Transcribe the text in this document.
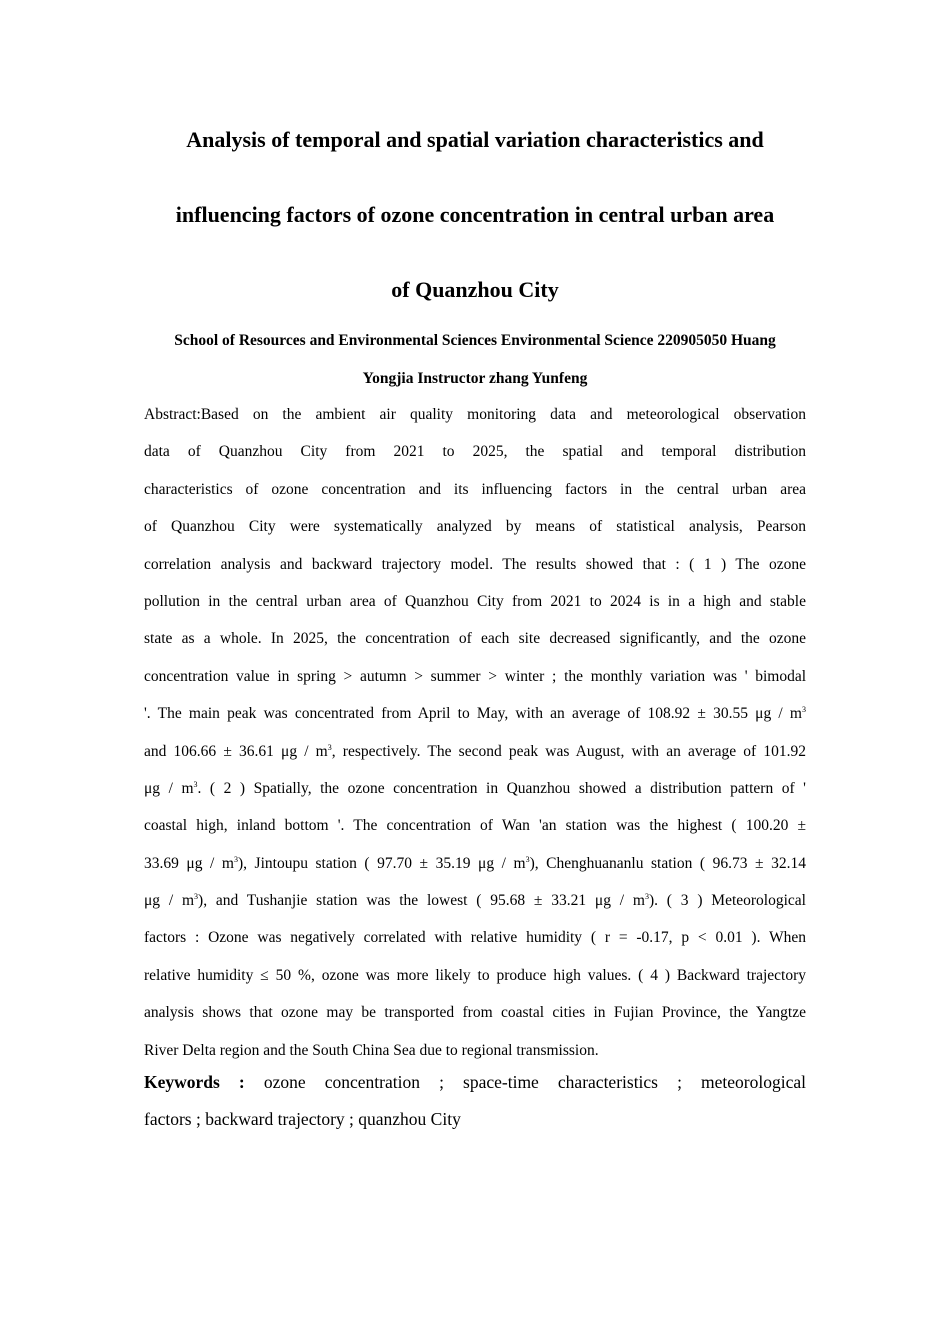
Analysis of temporal and spatial variation characteristics and
influencing factors of ozone concentration in central urban area
of Quanzhou City
School of Resources and Environmental Sciences Environmental Science 220905050 Huang
Yongjia Instructor zhang Yunfeng
Abstract:Based on the ambient air quality monitoring data and meteorological observation
data of Quanzhou City from 2021 to 2025, the spatial and temporal distribution
characteristics of ozone concentration and its influencing factors in the central urban area
of Quanzhou City were systematically analyzed by means of statistical analysis, Pearson
correlation analysis and backward trajectory model. The results showed that : ( 1 ) The ozone
pollution in the central urban area of Quanzhou City from 2021 to 2024 is in a high and stable
state as a whole. In 2025, the concentration of each site decreased significantly, and the ozone
concentration value in spring > autumn > summer > winter ; the monthly variation was ' bimodal
'. The main peak was concentrated from April to May, with an average of 108.92 ± 30.55 μg / $m^3$
and 106.66 ± 36.61 μg / $m^3$, respectively. The second peak was August, with an average of 101.92
μg / $m^3$. ( 2 ) Spatially, the ozone concentration in Quanzhou showed a distribution pattern of '
coastal high, inland bottom '. The concentration of Wan 'an station was the highest ( 100.20 ±
33.69 μg / $m^3$), Jintoupu station ( 97.70 ± 35.19 μg / $m^3$), Chenghuananlu station ( 96.73 ± 32.14
μg / $m^3$), and Tushanjie station was the lowest ( 95.68 ± 33.21 μg / $m^3$). ( 3 ) Meteorological
factors : Ozone was negatively correlated with relative humidity ( r = -0.17, p < 0.01 ). When
relative humidity ≤ 50 %, ozone was more likely to produce high values. ( 4 ) Backward trajectory
analysis shows that ozone may be transported from coastal cities in Fujian Province, the Yangtze
River Delta region and the South China Sea due to regional transmission.
Keywords : ozone concentration ; space-time characteristics ; meteorological
factors ; backward trajectory ; quanzhou City
